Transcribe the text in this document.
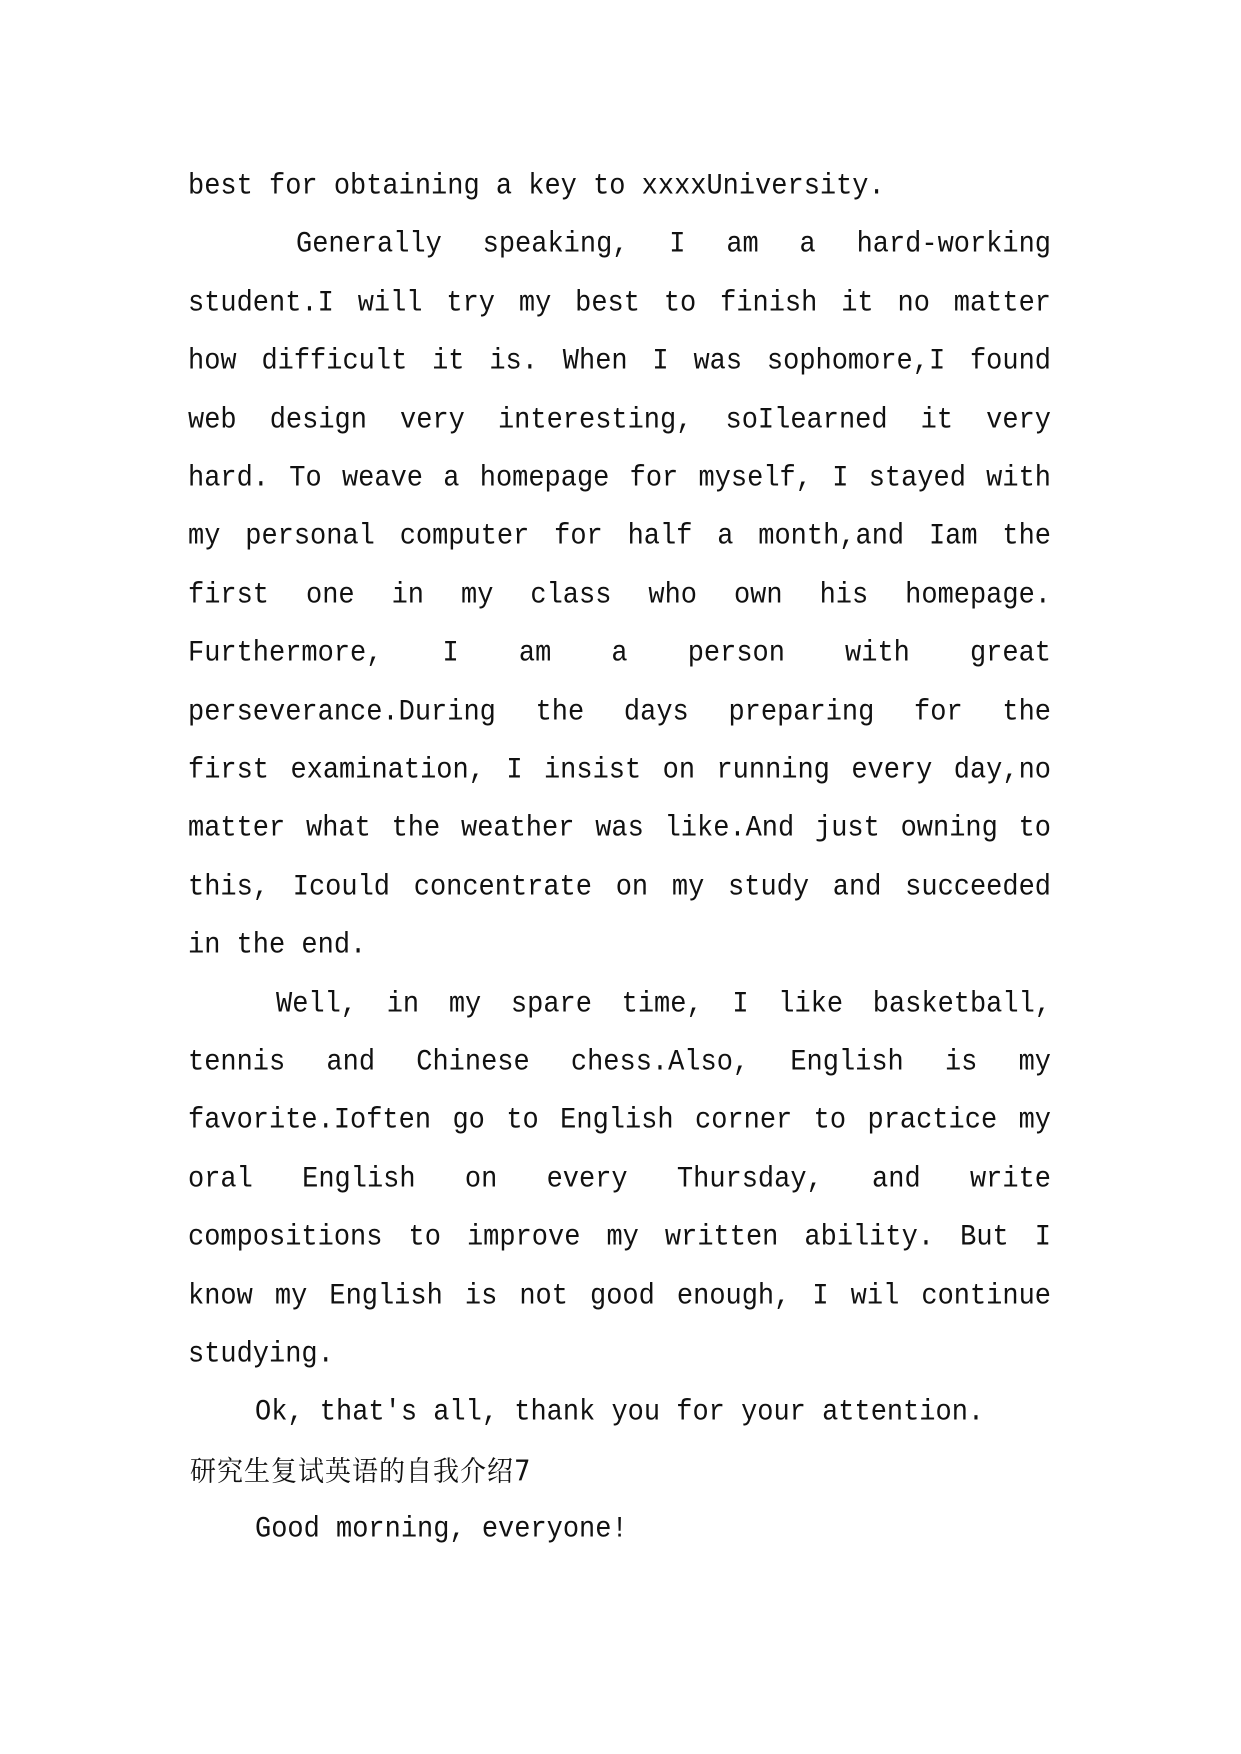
best for obtaining a key to xxxxUniversity.
Generally speaking, I am a hard-working
student.I will try my best to finish it no matter
how difficult it is. When I was sophomore,I found
web design very interesting, soIlearned it very
hard. To weave a homepage for myself, I stayed with
my personal computer for half a month,and Iam the
first one in my class who own his homepage.
Furthermore, I am a person with great
perseverance.During the days preparing for the
first examination, I insist on running every day,no
matter what the weather was like.And just owning to
this, Icould concentrate on my study and succeeded
in the end.
Well, in my spare time, I like basketball,
tennis and Chinese chess.Also, English is my
favorite.Ioften go to English corner to practice my
oral English on every Thursday, and write
compositions to improve my written ability. But I
know my English is not good enough, I wil continue
studying.
Ok, that's all, thank you for your attention.
研究生复试英语的自我介绍7
Good morning, everyone!
